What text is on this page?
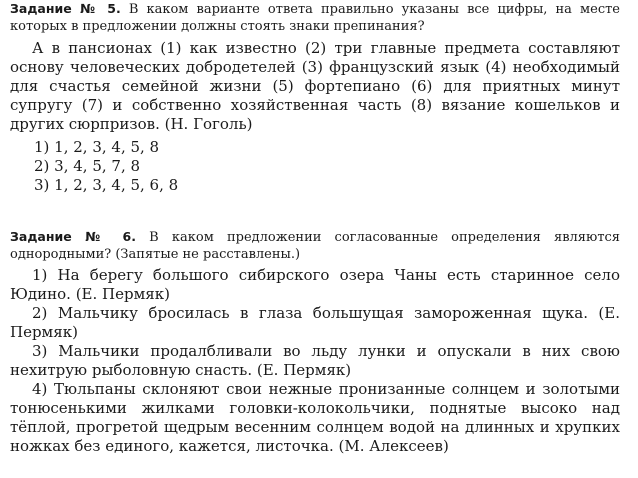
Задание № 5. В каком варианте ответа правильно указаны все цифры, на месте которых в предложении должны стоять знаки препинания?

А в пансионах (1) как известно (2) три главные предмета составляют основу человеческих добродетелей (3) французский язык (4) необходимый для счастья семейной жизни (5) фортепиано (6) для приятных минут супругу (7) и собственно хозяйственная часть (8) вязание кошельков и других сюрпризов. (Н. Гоголь)

1) 1, 2, 3, 4, 5, 8
2) 3, 4, 5, 7, 8
3) 1, 2, 3, 4, 5, 6, 8

Задание № 6. В каком предложении согласованные определения являются однородными? (Запятые не расставлены.)

1) На берегу большого сибирского озера Чаны есть старинное село Юдино. (Е. Пермяк)
2) Мальчику бросилась в глаза большущая замороженная щука. (Е. Пермяк)
3) Мальчики продалбливали во льду лунки и опускали в них свою нехитрую рыболовную снасть. (Е. Пермяк)
4) Тюльпаны склоняют свои нежные пронизанные солнцем и золотыми тонюсенькими жилками головки-колокольчики, поднятые высоко над тёплой, прогретой щедрым весенним солнцем водой на длинных и хрупких ножках без единого, кажется, листочка. (М. Алексеев)
